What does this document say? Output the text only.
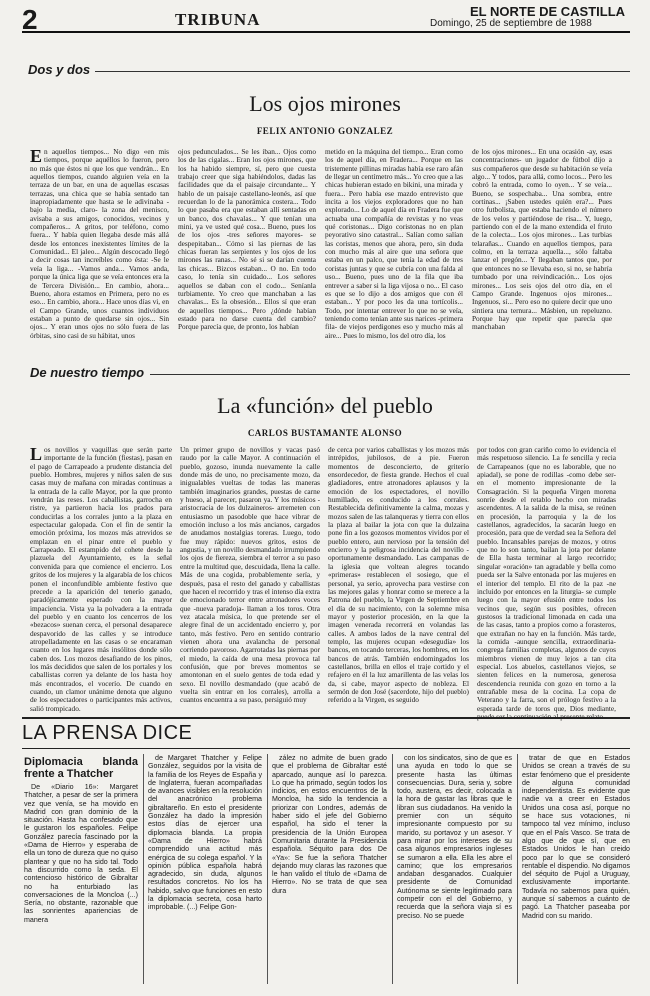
2	TRIBUNA	EL NORTE DE CASTILLA
Domingo, 25 de septiembre de 1988
Dos y dos
Los ojos mirones
FELIX ANTONIO GONZALEZ
E n aquellos tiempos... No digo «en mis tiempos, porque aquéllos lo fueron, pero no más que éstos ni que los que vendrán... En aquellos tiempos, cuando alguien veía en la terraza de un bar, en una de aquellas escasas terrazas, una chica que se había sentado tan inapropiadamente que hasta se le adivinaba -bajo la media, claro- la zona del menisco, avisaba a sus amigos, conocidos, vecinos y compañeros... A gritos, por teléfono, como fuera... Y había quien llegaba desde más allá desde los entonces inexistentes límites de la Comunidad... El jaleo... Algún descocado llegó a decir cosas tan increíbles como ésta: -Se le veía la liga... -Vamos anda... Vamos anda, porque la única liga que se veía entonces era la de Tercera División... En cambio, ahora... Bueno, ahora estamos en Primera, pero no es eso... En cambio, ahora... Hace unos días vi, en el Campo Grande, unos cuantos individuos estaban a punto de quedarse sin ojos... Sin ojos... Y eran unos ojos no sólo fuera de las órbitas, sino casi de su hábitat, unos

ojos pedunculados... Se les iban... Ojos como los de las cigalas... Eran los ojos mirones, que los ha habido siempre, sí, pero que cuesta trabajo creer que siga habiéndolos, dadas las facilidades que da el paisaje circundante... Y hablo de un paisaje castellano-leonés, así que recuerdan lo de la panorámica costera... Todo lo que pasaba era que estaban allí sentadas en un banco, dos chavalas... Y que tenían una mini, ya ve usted qué cosa... Bueno, pues los de los ojos -tres señores mayores- se despepitaban... Cómo si las piernas de las chicas fueran las serpientes y los ojos de los mirones las ranas... No sé si se darían cuenta las chicas... Bizcos estaban... O no. En todo caso, lo tenía sin cuidado... Los señores aquellos se daban con el codo... Seníanla turbiamente. Yo creo que manchaban a las chavalas... Es la obsesión... Ellos sí que eran de aquellos tiempos... Pero ¿dónde habían estado para no darse cuenta del cambio? Porque parecía que, de pronto, los habían

metido en la máquina del tiempo... Eran como los de aquel día, en Fradera... Porque en las tristemente pillinas miradas había ese raro afán de llegar un centímetro más... Yo creo que a las chicas hubieran estado en bikini, una mirada y fuera... Pero había ese mazdo entrevisto que incita a los viejos exploradores que no han explorado... Lo de aquel día en Fradera fue que actuaba una compañía de revistas y no veas qué coristonas... Digo coristonas no en plan peyorativo sino catastral... Salían como salían las coristas, menos que ahora, pero, sin duda con mucho más al aire que una señora que estaba en un palco, que tenía la edad de tres coristas juntas y que se cubría con una falda al uso... Bueno, pues uno de la fila que iba entrever a saber si la liga vijosa o no... El caso es que se lo dijo a dos amigos que con él estaban... Y por poco les da una tortícolis... Todo, por intentar entrever lo que no se veía, teniendo como tenían ante sus narices -primera fila- de viejos perdigones eso y mucho más al aire... Pues lo mismo, los del otro día, los

de los ojos mirones... En una ocasión -ay, esas concentraciones- un jugador de fútbol dijo a sus compañeros que desde su habitación se veía algo... Y todos, para allá, como locos... Pero les cobró la entrada, como lo oyen... Y se veía... Bueno, se sospechaba... Una sombra, entre cortinas... ¡Saben ustedes quién era?... Pues otro futbolista, que estaba haciendo el número de los velos y partiéndose de risa... Y, luego, partiendo con el de la mano extendida el fruto de la colecta... Los ojos mirones... Las turbias telarañas... Cuando en aquellos tiempos, para colmo, en la terraza aquella..., sólo faltaba lanzar el pregón... Y llegaban tantos que, por que entonces no se llevaba eso, si no, se habría tumbado por una reivindicación... Los ojos mirones... Los seis ojos del otro día, en el Campo Grande. Ingenuos ojos mirones... Ingenuos, sí... Pero eso no quiere decir que uno sintiera una ternura... Másbien, un repeluzno. Porque hay que repetir que parecía que manchaban

De nuestro tiempo
La «función» del pueblo
CARLOS BUSTAMANTE ALONSO
L os novillos y vaquillas que serán parte importante de la función (fiestas), pasan en el pago de Carrapeado a prudente distancia del pueblo. Hombres, mujeres y niños salen de sus casas muy de mañana con miradas continuas a la entrada de la calle Mayor, por la que pronto vendrán las reses. Los caballistas, garrocha en ristre, ya partieron hacia los prados para conducirlas a los corrales junto a la plaza en espectacular galopada. Con el fin de sentir la emoción próxima, los mozos más atrevidos se emplazan en el pinar entre el pueblo y Carrapeado. El estampido del cohete desde la plazuela del Ayuntamiento, es la señal convenida para que comience el encierro. Los gritos de los mujeres y la algarabía de los chicos ponen el inconfundible ambiente festivo que precede a la aparición del tenerío ganado, paradójicamente esperado con la mayor impaciencia. Vista ya la polvadera a la entrada del pueblo y en cuanto los cencerros de los «bezacos» suenan cerca, el personal desaparece despavorido de las calles y se introduce atropelladamente en las casas o se encaraman cuanto en los lugares más insólitos donde sólo caben dos. Los mozos desafiando de los pinos, los más decididos que salen de los portales y los caballistas corren ya delante de los hasta hoy más encontrados, el vocerío. De cuando en cuando, un clamor unánime denota que alguno de los espectadores o participantes más activos, salió trompicado.

Un primer grupo de novillos y vacas pasó raudo por la calle Mayor. A continuación el pueblo, gozoso, inunda nuevamente la calle donde más de uno, no precisamente mozo, da inigualables vueltas de todas las maneras también imaginarios grandes, puestas de carne y hueso, al parecer, pasaron ya. Y los músicos -aristocracia de los dulzaineros- arremeten con entusiasmo un pasodoble que hace vibrar de emoción incluso a los más ancianos, cargados de anudamos nostalgias toreras. Luego, todo fue muy rápido: nuevos gritos, estos de angustia, y un novillo desmandado irrumpiendo los ojos de fiereza, siembra el terror a su paso entre la multitud que, descuidada, llena la calle. Más de una cogida, probablemente sería, y después, pasa el resto del ganado y caballistas que hacen el recorrido y tras el intenso día extra de emocionado terror entre atronadores voces que -nueva paradoja- llaman a los toros. Otra vez atacala música, lo que pretende ser el alegre final de un accidentado encierro y, por tanto, más festivo. Pero en sentido contrario vienen ahora una avalancha de personal corriendo pavoroso. Agarrotadas las piernas por el miedo, la caída de una mesa provoca tal confusión, que por breves momentos se amontonan en el suelo gentes de toda edad y sexo. El novillo desmandado (que acabó de vuelta sin entrar en los corrales), arrolla a cuantos encuentra a su paso, persiguió muy

de cerca por varios caballistas y los mozos más intrépidos, jubilosos, de a pie. Fueron momentos de desconcierto, de griterío ensordecedor, de fiesta grande. Hechos el cual gladiadores, entre atronadores aplausos y la emoción de los espectadores, el novillo humillado, es conducido a los corrales. Restablecida definitivamente la calma, mozas y mozos salen de las talanqueras y tierra con ellos la plaza al bailar la jota con que la dulzaina pone fin a los gozosos momentos vividos por el pueblo entero, aun nervioso por la tensión del encierro y la peligrosa incidencia del novillo -oportunamente desmandado. Las campanas de la iglesia que voltean alegres tocando «primeras» restablecen el sosiego, que el personal, ya serio, aprovecha para vestirse con las mejores galas y honrar como se merece a la Patrona del pueblo, la Virgen de Septiembre en el día de su nacimiento, con la solemne misa mayor y posterior procesión, en la que la imagen venerada recorrerá en volandas las calles. A ambos lados de la nave central del templo, las mujeres ocupan «desegudía» los bancos, en tocando terceras, los hombres, en los bancos de atrás. También endomingados los castellanos, brilla en ellos el traje cortido y el refajero en él la luz amarillenta de las velas los da, si cabe, mayor aspecto de nobleza. El sermón de don José (sacerdote, hijo del pueblo) referido a la Virgen, es seguido

por todos con gran cariño como lo evidencia el más respetuoso silencio. La fe sencilla y recia de Carrapeanos (que no es laborable, que no apiadal), se pone de rodillas -como debe ser- en el momento impresionante de la Consagración. Si la pequeña Virgen morena sonríe desde el retablo hecho con miradas ascendentes. A la salida de la misa, se reúnen en procesión, la parroquia y la de los castellanos, agradecidos, la sacarán luego en procesión, para que de verdad sea la Señora del pueblo. Incansables parejas de mozos, y otros que no lo son tanto, bailan la jota por delante de Ella hasta terminar al largo recorrido; singular «oración» tan agradable y bella como pueda ser la Salve entonada por las mujeres en el interior del templo. El rito de la paz -ne incluido por entonces en la liturgia- se cumple luego con la mayor efusión entre todos los vecinos que, según sus posibles, ofrecen gustosos la tradicional limonada en cada una de las casas, tanto a propios como a forasteros, que extrañan no hay en la función. Más tarde, la comida -aunque sencilla, extraordinaria- congrega familias completas, algunos de cuyos miembros vienen de muy lejos a tan cita especial. Los abuelos, castellanos viejos, se sienten felices en la numerosa, generosa descendencia reunida con gozo en torno a la entrañable mesa de la cocina. La copa de Veterano y la farra, son el prólogo festivo a la esperada tarde de toros que, Dios mediante, puede ser la continuación al presente relato.

LA PRENSA DICE
Diplomacia blanda frente a Thatcher

De «Diario 16»: Margaret Thatcher, a pesar de ser la primera vez que venía, se ha movido en Madrid con gran dominio de la situación. Hasta ha confesado que le gustaron los españoles. Felipe González parecía fascinado por la «Dama de Hierro» y esperaba de ella un tono de dureza que no quiso plantear y que no ha sido tal. Todo ha discurrido como la seda. El contencioso histórico de Gibraltar no ha enturbiado las conversaciones de la Moncloa (...) Sería, no obstante, razonable que las sonrientes apariencias de manera

de Margaret Thatcher y Felipe González, seguidos por la visita de la familia de los Reyes de España y de Inglaterra, fueran acompañadas de avances visibles en la resolución del anacrónico problema gibraltareño. En esto el presidente González ha dado la impresión estos días de ejercer una diplomacia blanda. La propia «Dama de Hierro» habrá comprendido una actitud más enérgica de su colega español. Y la opinión pública española habrá agradecido, sin duda, algunos resultados concretos. No los ha habido, salvo que funciones en esto la diplomacia secreta, cosa harto improbable. (...) Felipe Gon-

zález no admite de buen grado que el problema de Gibraltar esté aparcado, aunque así lo parezca. Lo que ha primado, según todos los indicios, en estos encuentros de la Moncloa, ha sido la tendencia a priorizar con Londres, además de haber sido el jefe del Gobierno español, ha sido el tener la presidencia de la Unión Europea Comunitaria durante la Presidencia española. Séquito para dos De «Ya»: Se fue la señora Thatcher dejando muy claras las razones que le han valido el título de «Dama de Hierro». No se trata de que sea dura

con los sindicatos, sino de que es una ayuda en todo lo que se presente hasta las últimas consecuencias. Dura, seria y, sobre todo, austera, es decir, colocada a la hora de gastar las libras que le libran sus ciudadanos. Ha venido la premier con un séquito impresionante compuesto por su marido, su portavoz y un asesor. Y para mirar por los intereses de su casa algunos empresarios ingleses se sumaron a ella. Ella les abre el camino; que los empresarios andaban desganados. Cualquier presidente de Comunidad Autónoma se siente legitimado para competir con el del Gobierno, y recuerda que la señora viaja sí es preciso. No se puede

tratar de que en Estados Unidos se crean a través de su estar fenómeno que el presidente de alguna comunidad independentista. Es evidente que nadie va a creer en Estados Unidos una cosa así, porque no se hace sus votaciones, ni tampoco tal vez mínimo, incluso que en el País Vasco. Se trata de algo que de que sí, que en Estados Unidos le han creido poco par lo que se consideró rentable el dispendio. No digamos del séquito de Pujol a Uruguay, exclusivamente importante. Todavía no sabemos para quién, aunque sí sabemos a cuánto de pagó. La Thatcher paseaba por Madrid con su marido.
